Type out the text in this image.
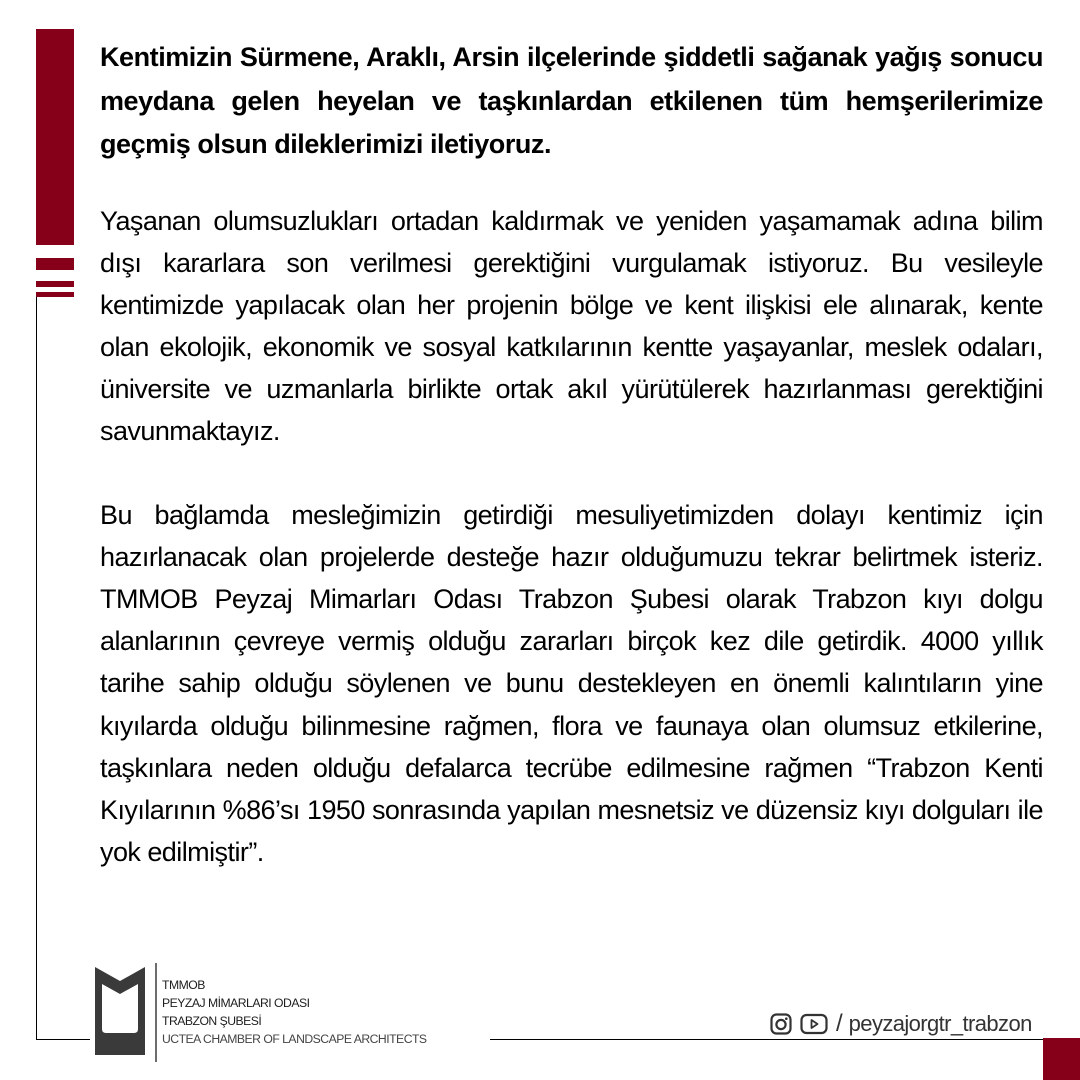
Kentimizin Sürmene, Araklı, Arsin ilçelerinde şiddetli sağanak yağış sonucu meydana gelen heyelan ve taşkınlardan etkilenen tüm hemşerilerimize geçmiş olsun dileklerimizi iletiyoruz.

Yaşanan olumsuzlukları ortadan kaldırmak ve yeniden yaşamamak adına bilim dışı kararlara son verilmesi gerektiğini vurgulamak istiyoruz. Bu vesileyle kentimizde yapılacak olan her projenin bölge ve kent ilişkisi ele alınarak, kente olan ekolojik, ekonomik ve sosyal katkılarının kentte yaşayanlar, meslek odaları, üniversite ve uzmanlarla birlikte ortak akıl yürütülerek hazırlanması gerektiğini savunmaktayız.

Bu bağlamda mesleğimizin getirdiği mesuliyetimizden dolayı kentimiz için hazırlanacak olan projelerde desteğe hazır olduğumuzu tekrar belirtmek isteriz. TMMOB Peyzaj Mimarları Odası Trabzon Şubesi olarak Trabzon kıyı dolgu alanlarının çevreye vermiş olduğu zararları birçok kez dile getirdik. 4000 yıllık tarihe sahip olduğu söylenen ve bunu destekleyen en önemli kalıntıların yine kıyılarda olduğu bilinmesine rağmen, flora ve faunaya olan olumsuz etkilerine, taşkınlara neden olduğu defalarca tecrübe edilmesine rağmen “Trabzon Kenti Kıyılarının %86’sı 1950 sonrasında yapılan mesnetsiz ve düzensiz kıyı dolguları ile yok edilmiştir”.

TMMOB
PEYZAJ MİMARLARI ODASI
TRABZON ŞUBESİ
UCTEA CHAMBER OF LANDSCAPE ARCHITECTS
/ peyzajorgtr_trabzon
